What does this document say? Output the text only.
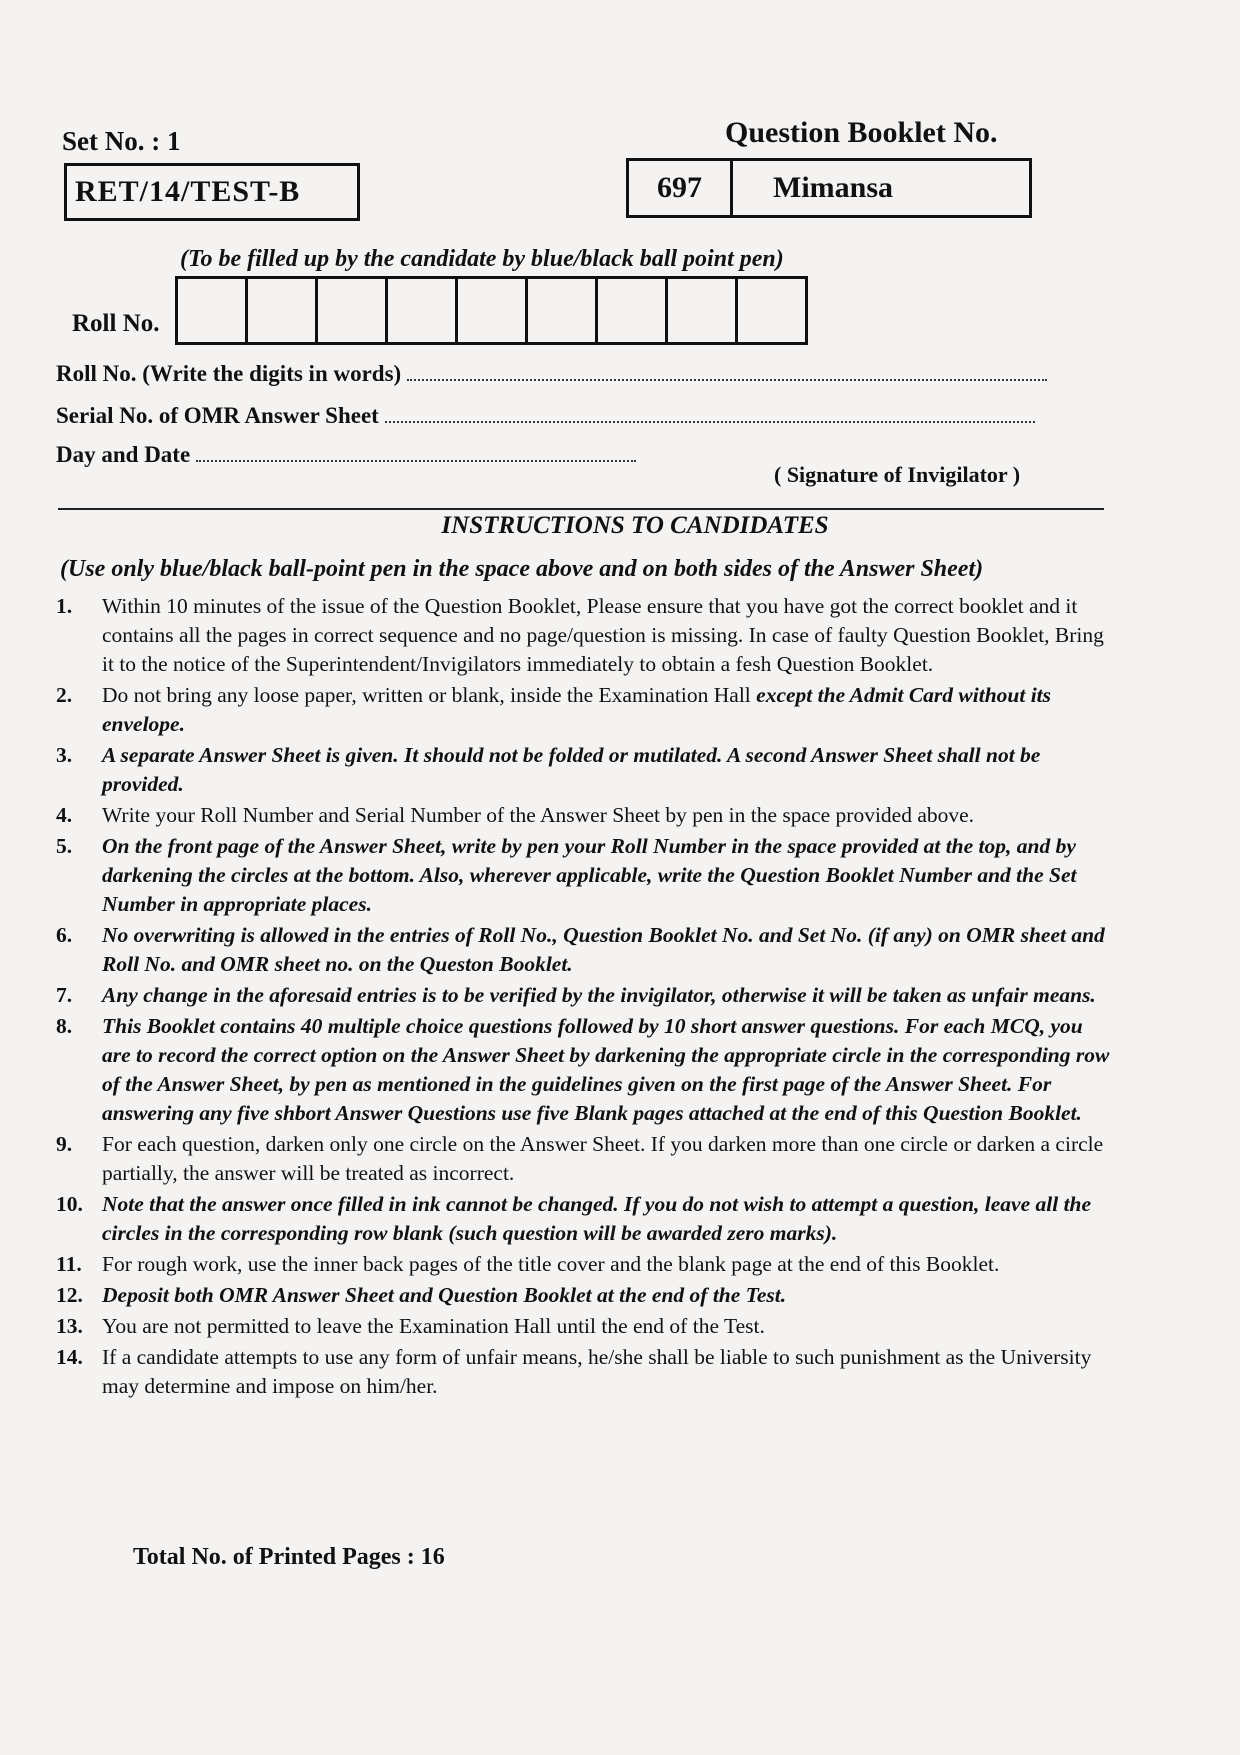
Set No. : 1
RET/14/TEST-B
Question Booklet No.
697	Mimansa
(To be filled up by the candidate by blue/black ball point pen)
Roll No.
Roll No. (Write the digits in words)
Serial No. of OMR Answer Sheet
Day and Date
( Signature of Invigilator )
INSTRUCTIONS TO CANDIDATES
(Use only blue/black ball-point pen in the space above and on both sides of the Answer Sheet)
1.	Within 10 minutes of the issue of the Question Booklet, Please ensure that you have got the correct booklet and it contains all the pages in correct sequence and no page/question is missing. In case of faulty Question Booklet, Bring it to the notice of the Superintendent/Invigilators immediately to obtain a fesh Question Booklet.
2.	Do not bring any loose paper, written or blank, inside the Examination Hall except the Admit Card without its envelope.
3.	A separate Answer Sheet is given. It should not be folded or mutilated. A second Answer Sheet shall not be provided.
4.	Write your Roll Number and Serial Number of the Answer Sheet by pen in the space provided above.
5.	On the front page of the Answer Sheet, write by pen your Roll Number in the space provided at the top, and by darkening the circles at the bottom. Also, wherever applicable, write the Question Booklet Number and the Set Number in appropriate places.
6.	No overwriting is allowed in the entries of Roll No., Question Booklet No. and Set No. (if any) on OMR sheet and Roll No. and OMR sheet no. on the Queston Booklet.
7.	Any change in the aforesaid entries is to be verified by the invigilator, otherwise it will be taken as unfair means.
8.	This Booklet contains 40 multiple choice questions followed by 10 short answer questions. For each MCQ, you are to record the correct option on the Answer Sheet by darkening the appropriate circle in the corresponding row of the Answer Sheet, by pen as mentioned in the guidelines given on the first page of the Answer Sheet. For answering any five shbort Answer Questions use five Blank pages attached at the end of this Question Booklet.
9.	For each question, darken only one circle on the Answer Sheet. If you darken more than one circle or darken a circle partially, the answer will be treated as incorrect.
10. Note that the answer once filled in ink cannot be changed. If you do not wish to attempt a question, leave all the circles in the corresponding row blank (such question will be awarded zero marks).
11. For rough work, use the inner back pages of the title cover and the blank page at the end of this Booklet.
12. Deposit both OMR Answer Sheet and Question Booklet at the end of the Test.
13. You are not permitted to leave the Examination Hall until the end of the Test.
14. If a candidate attempts to use any form of unfair means, he/she shall be liable to such punishment as the University may determine and impose on him/her.
Total No. of Printed Pages : 16
